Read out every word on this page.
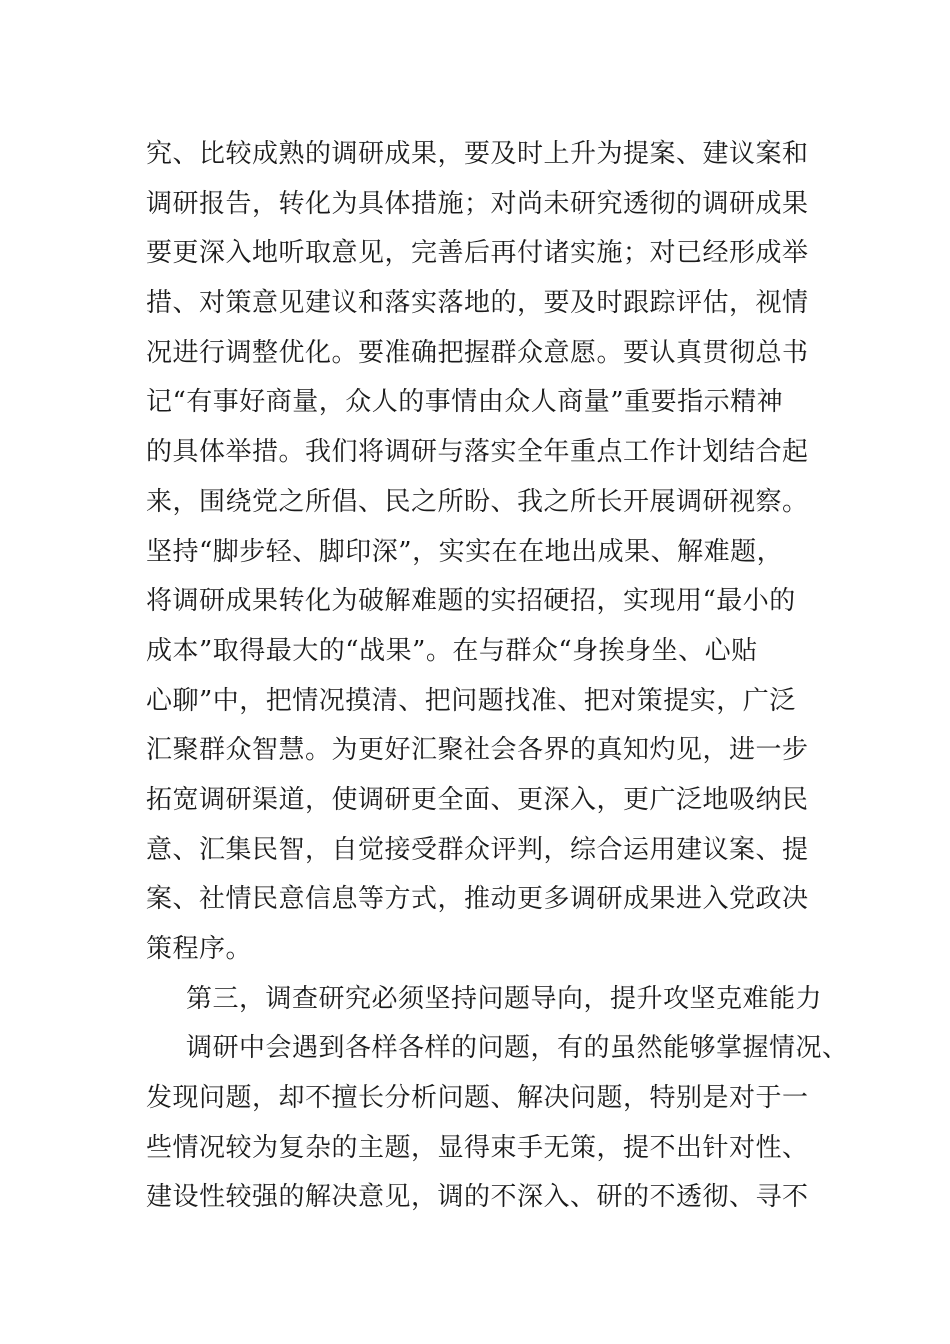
究、比较成熟的调研成果，要及时上升为提案、建议案和
调研报告，转化为具体措施；对尚未研究透彻的调研成果
要更深入地听取意见，完善后再付诸实施；对已经形成举
措、对策意见建议和落实落地的，要及时跟踪评估，视情
况进行调整优化。要准确把握群众意愿。要认真贯彻总书
记“有事好商量，众人的事情由众人商量”重要指示精神
的具体举措。我们将调研与落实全年重点工作计划结合起
来，围绕党之所倡、民之所盼、我之所长开展调研视察。
坚持“脚步轻、脚印深”，实实在在地出成果、解难题，
将调研成果转化为破解难题的实招硬招，实现用“最小的
成本”取得最大的“战果”。在与群众“身挨身坐、心贴
心聊”中，把情况摸清、把问题找准、把对策提实，广泛
汇聚群众智慧。为更好汇聚社会各界的真知灼见，进一步
拓宽调研渠道，使调研更全面、更深入，更广泛地吸纳民
意、汇集民智，自觉接受群众评判，综合运用建议案、提
案、社情民意信息等方式，推动更多调研成果进入党政决
策程序。
第三，调查研究必须坚持问题导向，提升攻坚克难能力
调研中会遇到各样各样的问题，有的虽然能够掌握情况、
发现问题，却不擅长分析问题、解决问题，特别是对于一
些情况较为复杂的主题，显得束手无策，提不出针对性、
建设性较强的解决意见，调的不深入、研的不透彻、寻不
